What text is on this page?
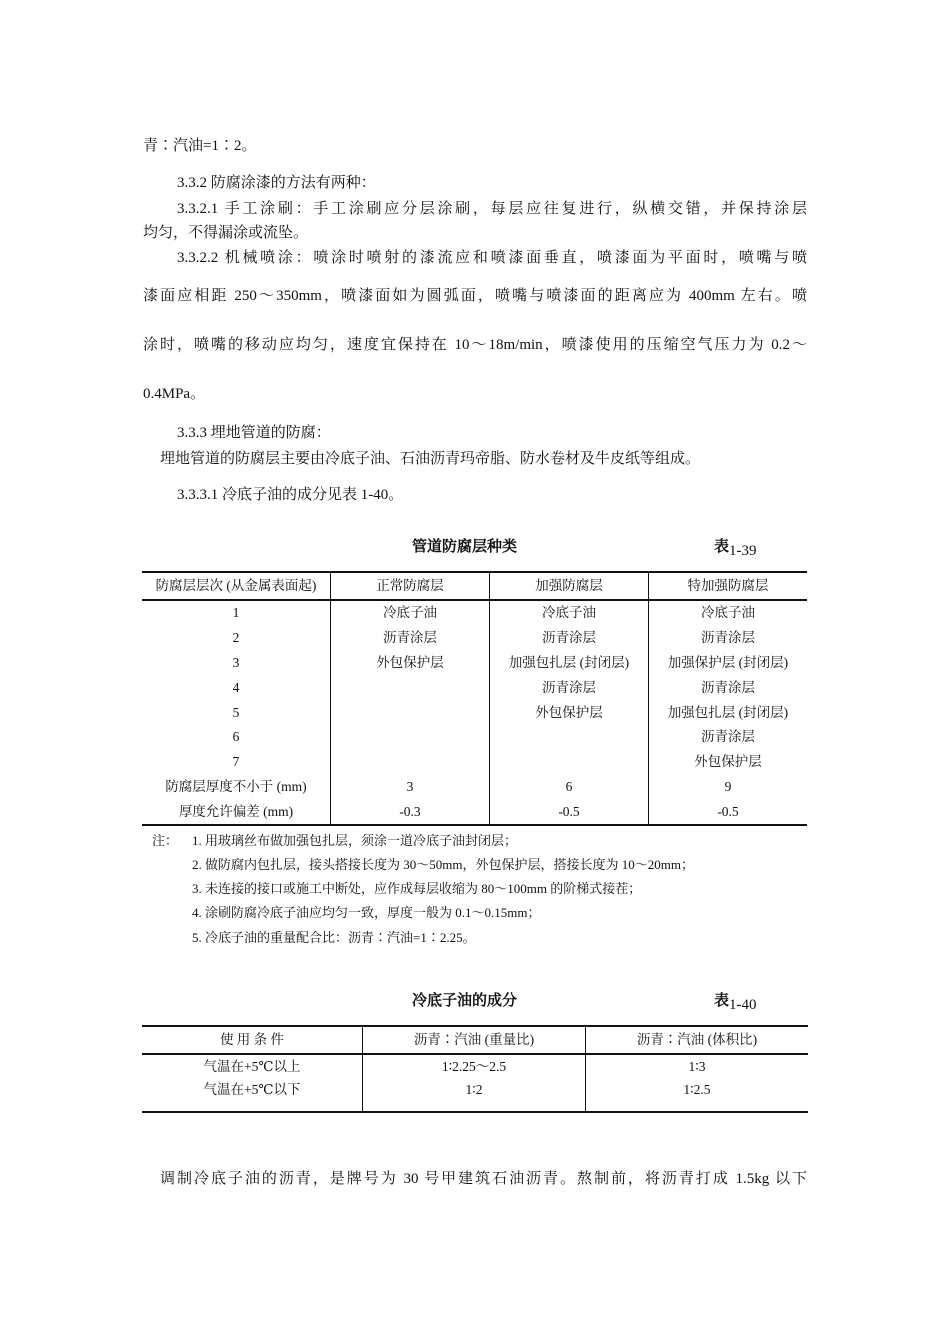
青∶汽油=1∶2。
3.3.2 防腐涂漆的方法有两种：
3.3.2.1 手工涂刷：手工涂刷应分层涂刷，每层应往复进行，纵横交错，并保持涂层
均匀，不得漏涂或流坠。
3.3.2.2 机械喷涂：喷涂时喷射的漆流应和喷漆面垂直，喷漆面为平面时，喷嘴与喷
漆面应相距 250～350mm，喷漆面如为圆弧面，喷嘴与喷漆面的距离应为 400mm 左右。喷
涂时，喷嘴的移动应均匀，速度宜保持在 10～18m/min，喷漆使用的压缩空气压力为 0.2～
0.4MPa。
3.3.3 埋地管道的防腐：
埋地管道的防腐层主要由冷底子油、石油沥青玛帝脂、防水卷材及牛皮纸等组成。
3.3.3.1 冷底子油的成分见表 1-40。
管道防腐层种类	表1-39
防腐层层次 (从金属表面起)	正常防腐层	加强防腐层	特加强防腐层
1	冷底子油	冷底子油	冷底子油
2	沥青涂层	沥青涂层	沥青涂层
3	外包保护层	加强包扎层 (封闭层)	加强保护层 (封闭层)
4		沥青涂层	沥青涂层
5		外包保护层	加强包扎层 (封闭层)
6			沥青涂层
7			外包保护层
防腐层厚度不小于 (mm)	3	6	9
厚度允许偏差 (mm)	-0.3	-0.5	-0.5
注： 1. 用玻璃丝布做加强包扎层，须涂一道冷底子油封闭层；
2. 做防腐内包扎层，接头搭接长度为 30～50mm，外包保护层，搭接长度为 10～20mm；
3. 未连接的接口或施工中断处，应作成每层收缩为 80～100mm 的阶梯式接茬；
4. 涂刷防腐冷底子油应均匀一致，厚度一般为 0.1～0.15mm；
5. 冷底子油的重量配合比：沥青∶汽油=1∶2.25。
冷底子油的成分	表1-40
使 用 条 件	沥青∶汽油 (重量比)	沥青∶汽油 (体积比)
气温在+5℃以上	1∶2.25～2.5	1∶3
气温在+5℃以下	1∶2	1∶2.5
调制冷底子油的沥青，是牌号为 30 号甲建筑石油沥青。熬制前，将沥青打成 1.5kg 以下
